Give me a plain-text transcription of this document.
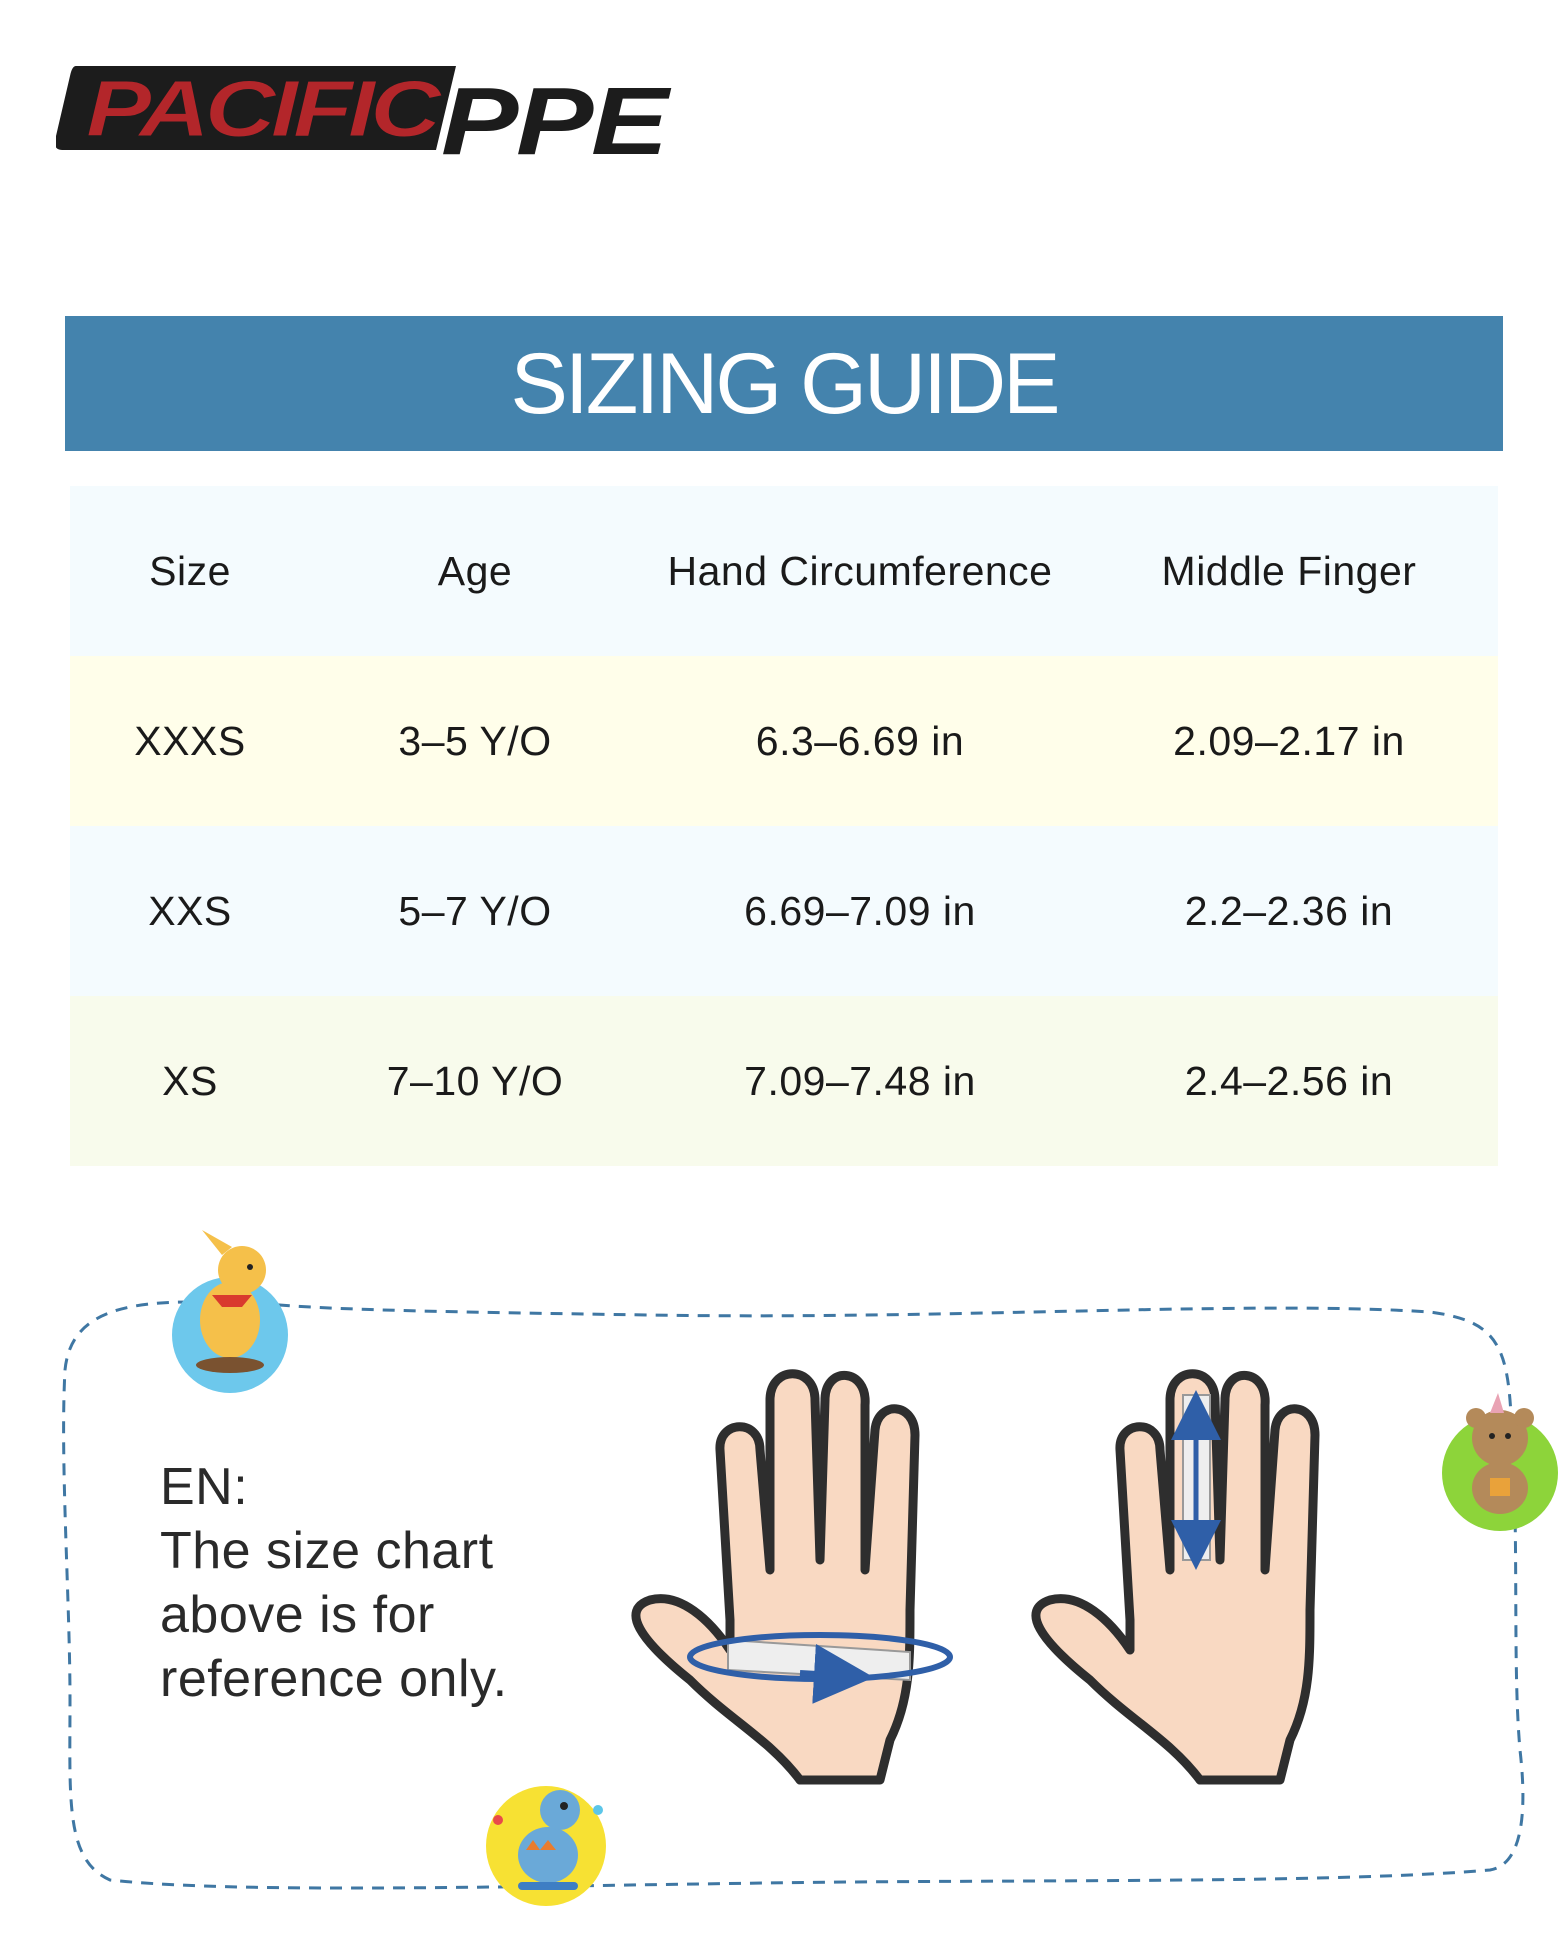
PACIFIC
PPE
SIZING GUIDE
Size	Age	Hand Circumference	Middle Finger
XXXS	3–5 Y/O	6.3–6.69 in	2.09–2.17 in
XXS	5–7 Y/O	6.69–7.09 in	2.2–2.36 in
XS	7–10 Y/O	7.09–7.48 in	2.4–2.56 in
EN:
The size chart
above is for
reference only.
